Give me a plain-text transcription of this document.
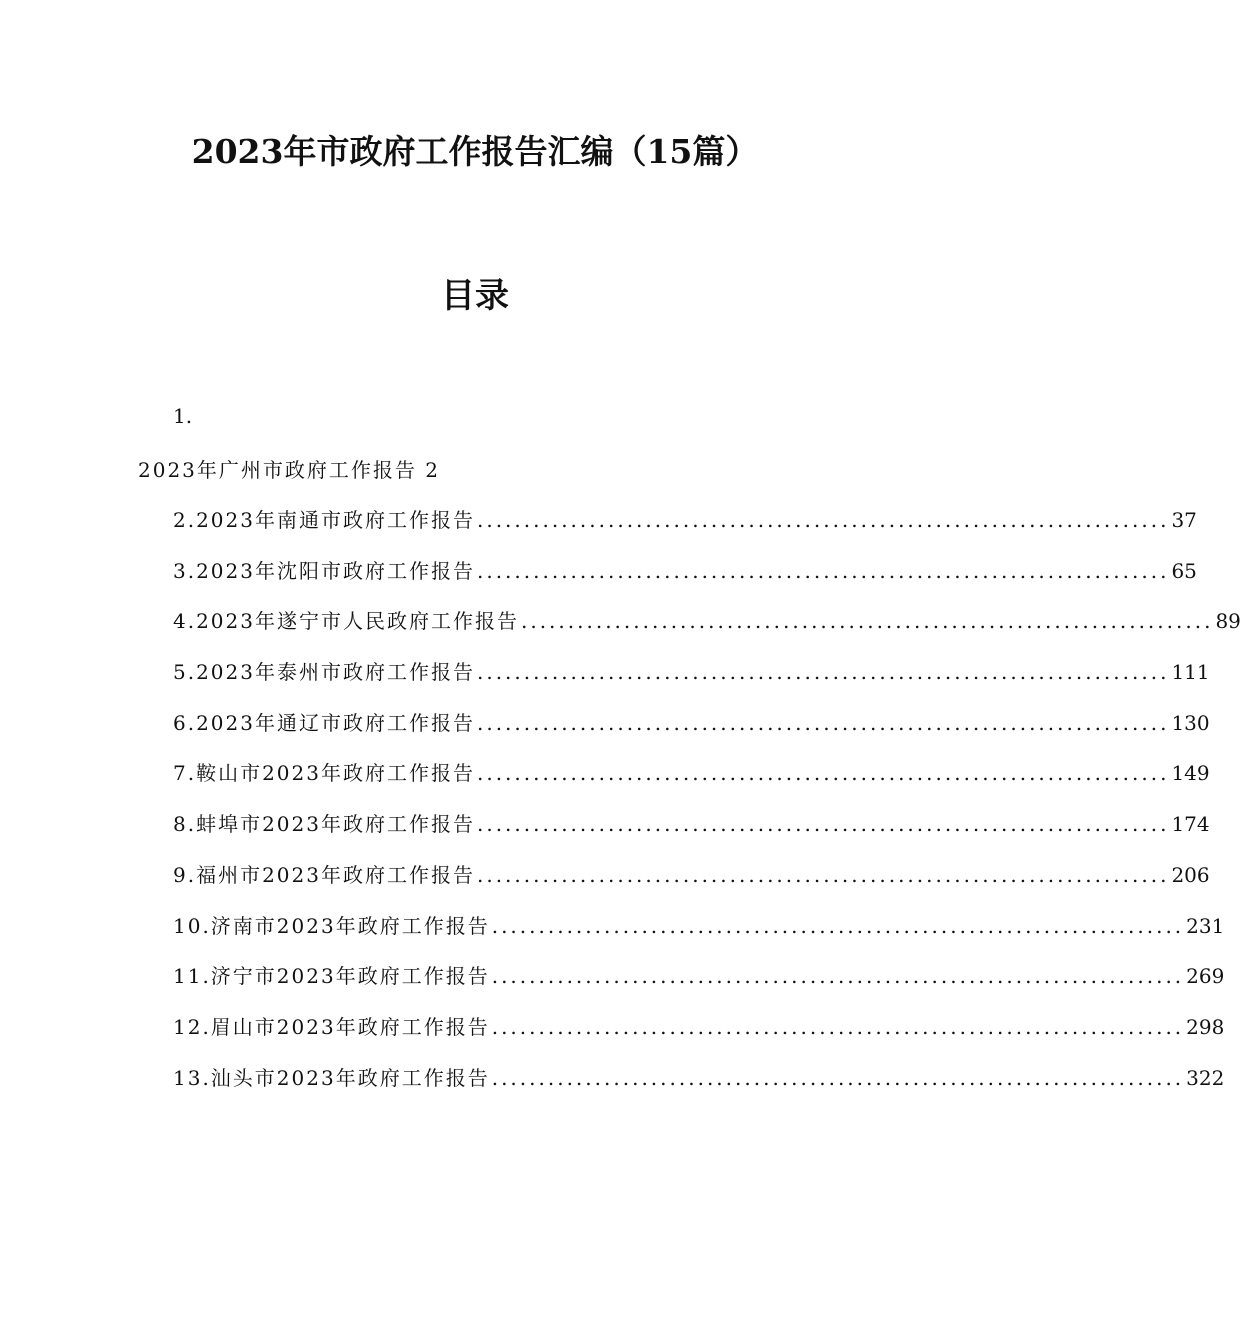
2023年市政府工作报告汇编（15篇）
目录
1.
2023年广州市政府工作报告 2
2.2023年南通市政府工作报告 .......................................................................... 37
3.2023年沈阳市政府工作报告 .......................................................................... 65
4.2023年遂宁市人民政府工作报告 .......................................................................... 89
5.2023年泰州市政府工作报告 .......................................................................... 111
6.2023年通辽市政府工作报告 .......................................................................... 130
7.鞍山市2023年政府工作报告 .......................................................................... 149
8.蚌埠市2023年政府工作报告 .......................................................................... 174
9.福州市2023年政府工作报告 .......................................................................... 206
10.济南市2023年政府工作报告 .......................................................................... 231
11.济宁市2023年政府工作报告 .......................................................................... 269
12.眉山市2023年政府工作报告 .......................................................................... 298
13.汕头市2023年政府工作报告 .......................................................................... 322
